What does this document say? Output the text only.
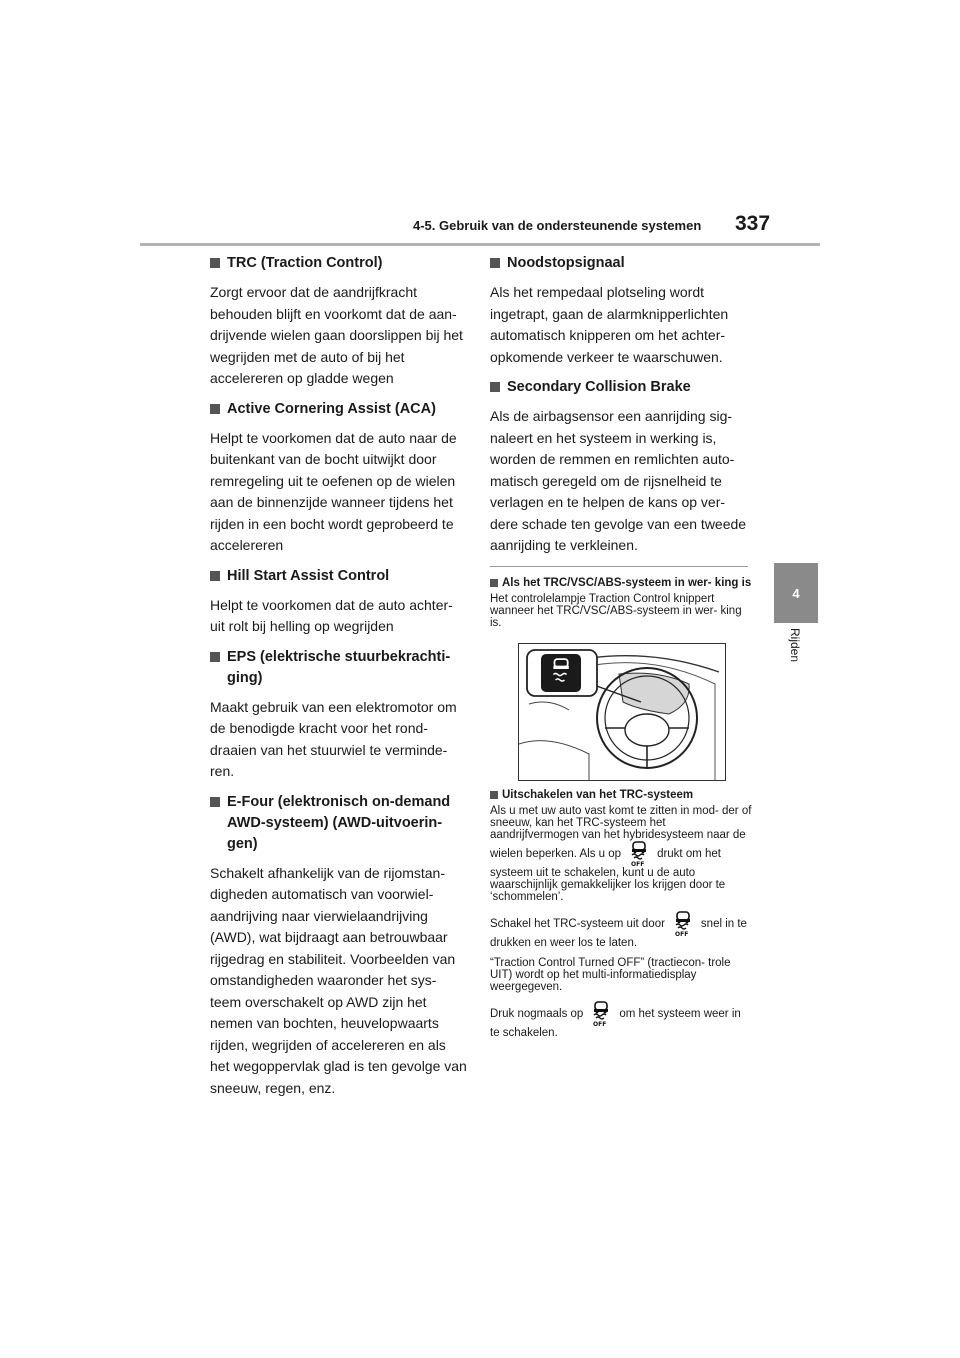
4-5. Gebruik van de ondersteunende systemen 337
4
Rijden
TRC (Traction Control)

Zorgt ervoor dat de aandrijfkracht behouden blijft en voorkomt dat de aan- drijvende wielen gaan doorslippen bij het wegrijden met de auto of bij het accelereren op gladde wegen

Active Cornering Assist (ACA)

Helpt te voorkomen dat de auto naar de buitenkant van de bocht uitwijkt door remregeling uit te oefenen op de wielen aan de binnenzijde wanneer tijdens het rijden in een bocht wordt geprobeerd te accelereren

Hill Start Assist Control

Helpt te voorkomen dat de auto achter- uit rolt bij helling op wegrijden

EPS (elektrische stuurbekrachti- ging)

Maakt gebruik van een elektromotor om de benodigde kracht voor het rond- draaien van het stuurwiel te verminde- ren.

E-Four (elektronisch on-demand AWD-systeem) (AWD-uitvoerin- gen)

Schakelt afhankelijk van de rijomstan- digheden automatisch van voorwiel- aandrijving naar vierwielaandrijving (AWD), wat bijdraagt aan betrouwbaar rijgedrag en stabiliteit. Voorbeelden van omstandigheden waaronder het sys- teem overschakelt op AWD zijn het nemen van bochten, heuvelopwaarts rijden, wegrijden of accelereren en als het wegoppervlak glad is ten gevolge van sneeuw, regen, enz.

Noodstopsignaal

Als het rempedaal plotseling wordt ingetrapt, gaan de alarmknipperlichten automatisch knipperen om het achter- opkomende verkeer te waarschuwen.

Secondary Collision Brake

Als de airbagsensor een aanrijding sig- naleert en het systeem in werking is, worden de remmen en remlichten auto- matisch geregeld om de rijsnelheid te verlagen en te helpen de kans op ver- dere schade ten gevolge van een tweede aanrijding te verkleinen.

Als het TRC/VSC/ABS-systeem in wer- king is

Het controlelampje Traction Control knippert wanneer het TRC/VSC/ABS-systeem in wer- king is.

Uitschakelen van het TRC-systeem

Als u met uw auto vast komt te zitten in mod- der of sneeuw, kan het TRC-systeem het aandrijfvermogen van het hybridesysteem naar de wielen beperken. Als u op
OFF
drukt om het systeem uit te schakelen, kunt u de auto waarschijnlijk gemakkelijker los krijgen door te ‘schommelen’.

Schakel het TRC-systeem uit door
OFF
snel in te drukken en weer los te laten.

“Traction Control Turned OFF” (tractiecon- trole UIT) wordt op het multi-informatiedisplay weergegeven.

Druk nogmaals op
OFF
om het systeem weer in te schakelen.
